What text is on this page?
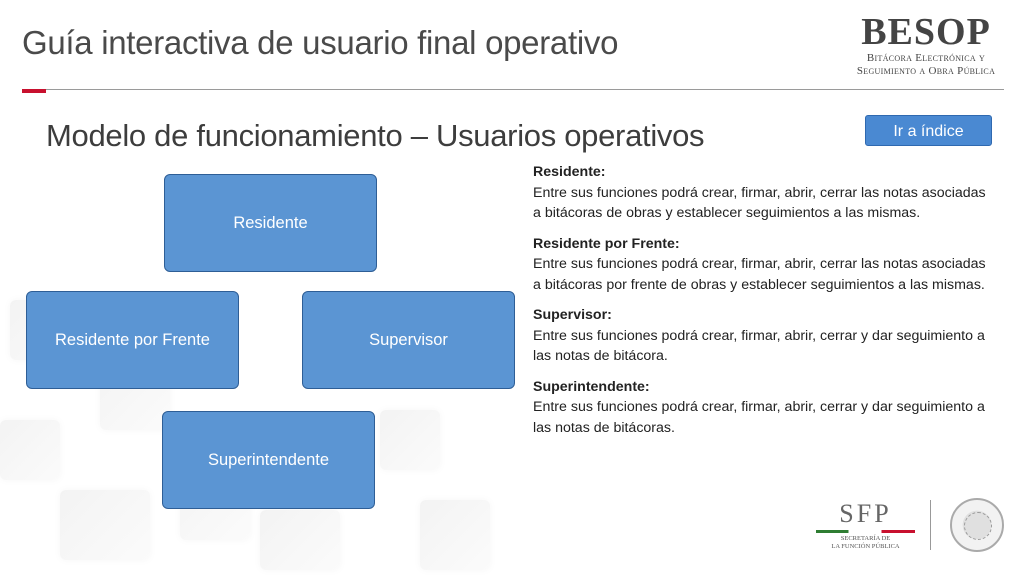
Guía interactiva de usuario final operativo	BESOP
Bitácora Electrónica y
Seguimiento a Obra Pública
Modelo de funcionamiento – Usuarios operativos	Ir a índice
Residente
Residente por Frente	Supervisor
Superintendente
Residente:
Entre sus funciones podrá crear, firmar, abrir, cerrar las notas asociadas a bitácoras de obras y establecer seguimientos a las mismas.
Residente por Frente:
Entre sus funciones podrá crear, firmar, abrir, cerrar las notas asociadas a bitácoras por frente de obras y establecer seguimientos a las mismas.
Supervisor:
Entre sus funciones podrá crear, firmar, abrir, cerrar y dar seguimiento a las notas de bitácora.
Superintendente:
Entre sus funciones podrá crear, firmar, abrir, cerrar y dar seguimiento a las notas de bitácoras.
SFP
SECRETARÍA DE
LA FUNCIÓN PÚBLICA
